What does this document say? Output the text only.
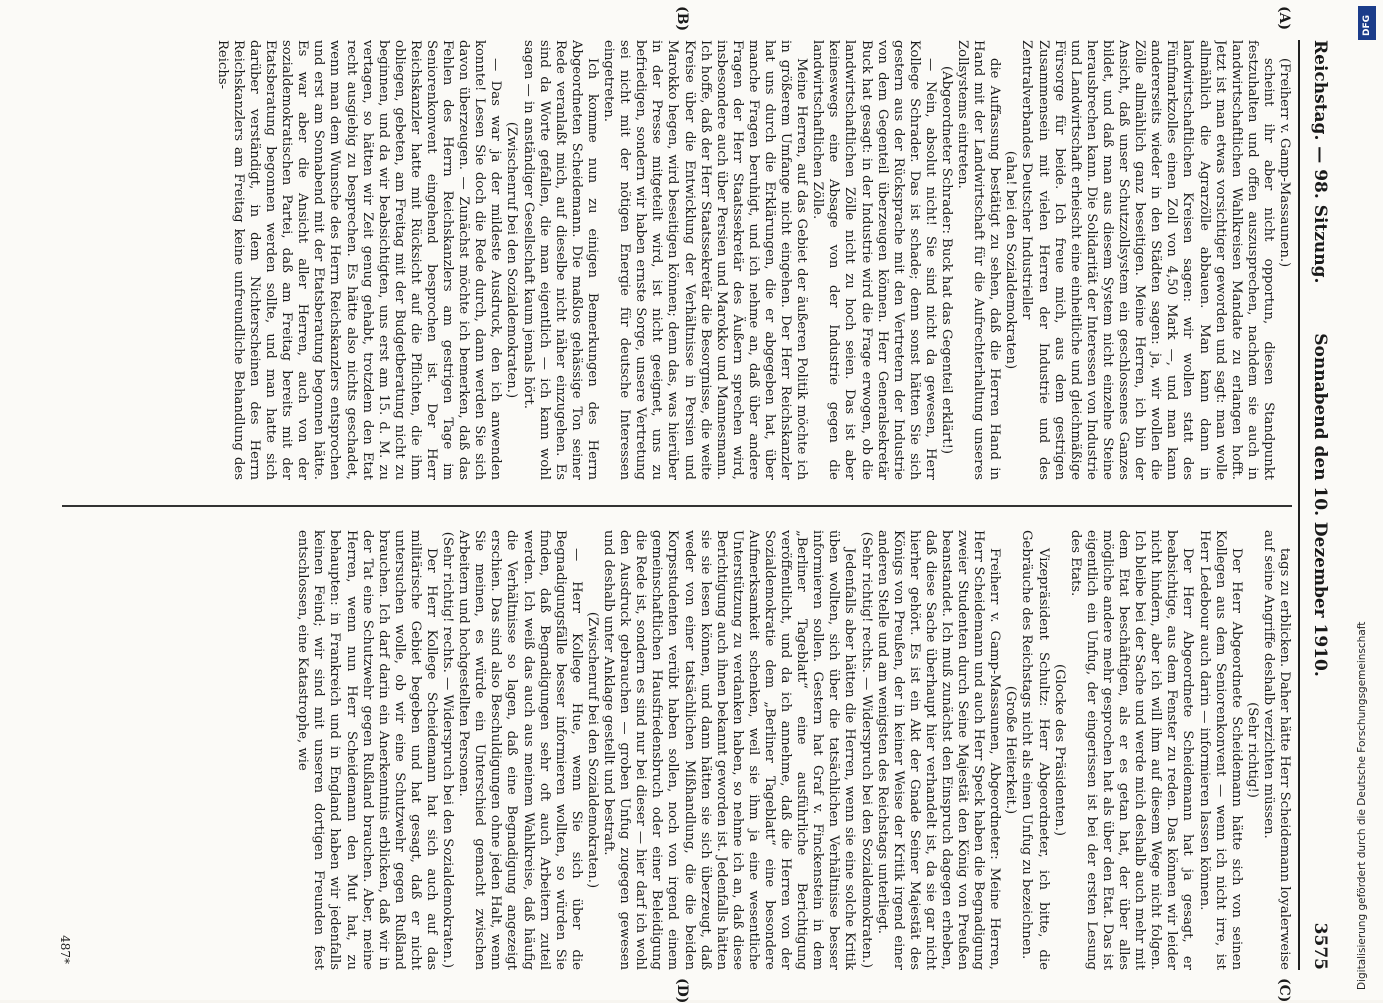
Reichstag. — 98. Sitzung.
Sonnabend den 10. Dezember 1910.
3575

(Freiherr v. Gamp-Massaunen.)

scheint ihr aber nicht opportun, diesen Standpunkt festzuhalten und offen auszusprechen, nachdem sie auch in landwirtschaftlichen Wahlkreisen Mandate zu erlangen hofft. Jetzt ist man etwas vorsichtiger geworden und sagt: man wolle allmählich die Agrarzölle abbauen. Man kann dann in landwirtschaftlichen Kreisen sagen: wir wollen statt des Fünfmarkzolles einen Zoll von 4,50 Mark —, und man kann andererseits wieder in den Städten sagen: ja, wir wollen die Zölle allmählich ganz beseitigen. Meine Herren, ich bin der Ansicht, daß unser Schutzzollsystem ein geschlossenes Ganzes bildet, und daß man aus diesem System nicht einzelne Steine herausbrechen kann. Die Solidarität der Interessen von Industrie und Landwirtschaft erheischt eine einheitliche und gleichmäßige Fürsorge für beide. Ich freue mich, aus dem gestrigen Zusammensein mit vielen Herren der Industrie und des Zentralverbandes Deutscher Industrieller

(aha! bei den Sozialdemokraten)

die Auffassung bestätigt zu sehen, daß die Herren Hand in Hand mit der Landwirtschaft für die Aufrechterhaltung unseres Zollsystems eintreten.

(Abgeordneter Schrader: Buck hat das Gegenteil erklärt!)

— Nein, absolut nicht! Sie sind nicht da gewesen, Herr Kollege Schrader. Das ist schade; denn sonst hätten Sie sich gestern aus der Rücksprache mit den Vertretern der Industrie von dem Gegenteil überzeugen können. Herr Generalsekretär Buck hat gesagt: in der Industrie wird die Frage erwogen, ob die landwirtschaftlichen Zölle nicht zu hoch seien. Das ist aber keineswegs eine Absage von der Industrie gegen die landwirtschaftlichen Zölle.

Meine Herren, auf das Gebiet der äußeren Politik möchte ich in größerem Umfange nicht eingehen. Der Herr Reichskanzler hat uns durch die Erklärungen, die er abgegeben hat, über manche Fragen beruhigt, und ich nehme an, daß über andere Fragen der Herr Staatssekretär des Äußern sprechen wird, insbesondere auch über Persien und Marokko und Mannesmann. Ich hoffe, daß der Herr Staatssekretär die Besorgnisse, die weite Kreise über die Entwicklung der Verhältnisse in Persien und Marokko hegen, wird beseitigen können; denn das, was hierüber in der Presse mitgeteilt wird, ist nicht geeignet, uns zu befriedigen, sondern wir haben ernste Sorge, unsere Vertretung sei nicht mit der nötigen Energie für deutsche Interessen eingetreten.

Ich komme nun zu einigen Bemerkungen des Herrn Abgeordneten Scheidemann. Die maßlos gehässige Ton seiner Rede veranlaßt mich, auf dieselbe nicht näher einzugehen. Es sind da Worte gefallen, die man eigentlich — ich kann wohl sagen — in anständiger Gesellschaft kaum jemals hört.

(Zwischenruf bei den Sozialdemokraten.)

— Das war ja der mildeste Ausdruck, den ich anwenden konnte! Lesen Sie doch die Rede durch, dann werden Sie sich davon überzeugen. — Zunächst möchte ich bemerken, daß das Fehlen des Herrn Reichskanzlers am gestrigen Tage im Seniorenkonvent eingehend besprochen ist. Der Herr Reichskanzler hatte mit Rücksicht auf die Pflichten, die ihm obliegen, gebeten, am Freitag mit der Budgetberatung nicht zu beginnen, und da wir beabsichtigten, uns erst am 15. d. M. zu vertagen, so hätten wir Zeit genug gehabt, trotzdem den Etat recht ausgiebig zu besprechen. Es hätte also nichts geschadet, wenn man dem Wunsche des Herrn Reichskanzlers entsprochen und erst am Sonnabend mit der Etatsberatung begonnen hätte. Es war aber die Ansicht aller Herren, auch von der sozialdemokratischen Partei, daß am Freitag bereits mit der Etatsberatung begonnen werden sollte, und man hatte sich darüber verständigt, in dem Nichterscheinen des Herrn Reichskanzlers am Freitag keine unfreundliche Behandlung des Reichs-

tags zu erblicken. Daher hätte Herr Scheidemann loyalerweise auf seine Angriffe deshalb verzichten müssen.

(Sehr richtig!)

Der Herr Abgeordnete Scheidemann hätte sich von seinen Kollegen aus dem Seniorenkonvent — wenn ich nicht irre, ist Herr Ledebour auch darin — informieren lassen können.

Der Herr Abgeordnete Scheidemann hat ja gesagt, er beabsichtige, aus dem Fenster zu reden. Das können wir leider nicht hindern, aber ich will ihm auf diesem Wege nicht folgen. Ich bleibe bei der Sache und werde mich deshalb auch mehr mit dem Etat beschäftigen, als er es getan hat, der über alles mögliche andere mehr gesprochen hat als über den Etat. Das ist eigentlich ein Unfug, der eingerissen ist bei der ersten Lesung des Etats.

(Glocke des Präsidenten.)

Vizepräsident Schultz: Herr Abgeordneter, ich bitte, die Gebräuche des Reichstags nicht als einen Unfug zu bezeichnen.

(Große Heiterkeit.)

Freiherr v. Gamp-Massaunen, Abgeordneter: Meine Herren, Herr Scheidemann und auch Herr Speck haben die Begnadigung zweier Studenten durch Seine Majestät den König von Preußen beanstandet. Ich muß zunächst den Einspruch dagegen erheben, daß diese Sache überhaupt hier verhandelt ist, da sie gar nicht hierher gehört. Es ist ein Akt der Gnade Seiner Majestät des Königs von Preußen, der in keiner Weise der Kritik irgend einer anderen Stelle und am wenigsten des Reichstags unterliegt.

(Sehr richtig! rechts. — Widerspruch bei den Sozialdemokraten.)

Jedenfalls aber hätten die Herren, wenn sie eine solche Kritik üben wollten, sich über die tatsächlichen Verhältnisse besser informieren sollen. Gestern hat Graf v. Finckenstein in dem „Berliner Tageblatt“ eine ausführliche Berichtigung veröffentlicht, und da ich annehme, daß die Herren von der Sozialdemokratie dem „Berliner Tageblatt“ eine besondere Aufmerksamkeit schenken, weil sie ihm ja eine wesentliche Unterstützung zu verdanken haben, so nehme ich an, daß diese Berichtigung auch ihnen bekannt geworden ist. Jedenfalls hätten sie sie lesen können, und dann hätten sie sich überzeugt, daß weder von einer tatsächlichen Mißhandlung, die die beiden Korpsstudenten verübt haben sollen, noch von irgend einem gemeinschaftlichen Hausfriedensbruch oder einer Beleidigung die Rede ist, sondern es sind nur bei dieser — hier darf ich wohl den Ausdruck gebrauchen — groben Unfug zugegen gewesen und deshalb unter Anklage gestellt und bestraft.

(Zwischenruf bei den Sozialdemokraten.)

— Herr Kollege Hue, wenn Sie sich über die Begnadigungsfälle besser informieren wollten, so würden Sie finden, daß Begnadigungen sehr oft auch Arbeitern zuteil werden. Ich weiß das auch aus meinem Wahlkreise, daß häufig die Verhältnisse so lagen, daß eine Begnadigung angezeigt erschien. Das sind also Beschuldigungen ohne jeden Halt, wenn Sie meinen, es würde ein Unterschied gemacht zwischen Arbeitern und hochgestellten Personen.

(Sehr richtig! rechts. — Widerspruch bei den Sozialdemokraten.)

Der Herr Kollege Scheidemann hat sich auch auf das militärische Gebiet begeben und hat gesagt, daß er nicht untersuchen wolle, ob wir eine Schutzwehr gegen Rußland brauchen. Ich darf darin ein Anerkenntnis erblicken, daß wir in der Tat eine Schutzwehr gegen Rußland brauchen. Aber, meine Herren, wenn nun Herr Scheidemann den Mut hat, zu behaupten: in Frankreich und in England haben wir jedenfalls keinen Feind; wir sind mit unseren dortigen Freunden fest entschlossen, eine Katastrophe, wie

(A)
(B)
(C)
(D)
487*
DFG
Digitalisierung gefördert durch die Deutsche Forschungsgemeinschaft
